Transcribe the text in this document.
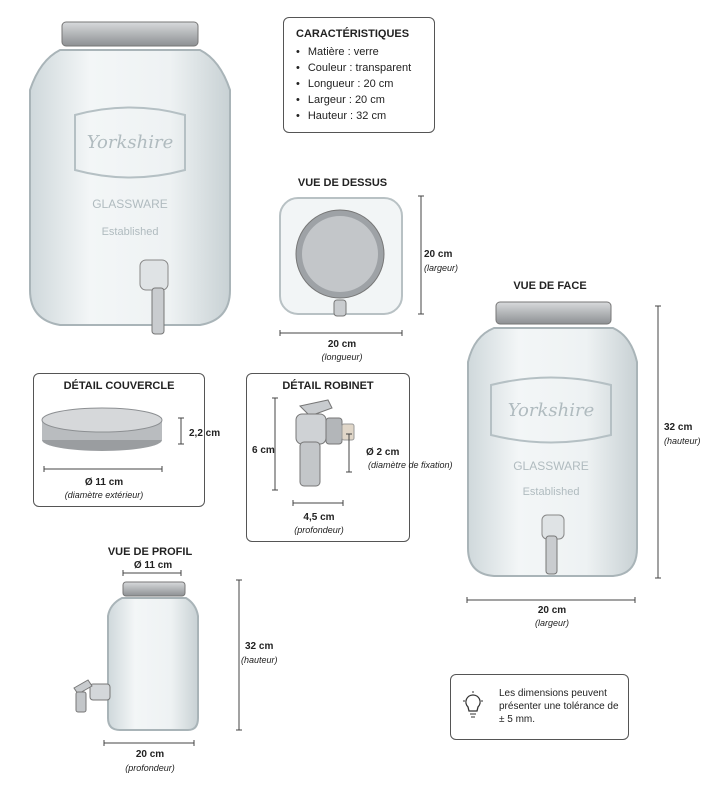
Yorkshire
GLASSWARE
Established
CARACTÉRISTIQUES
• Matière : verre
• Couleur : transparent
• Longueur : 20 cm
• Largeur : 20 cm
• Hauteur : 32 cm
VUE DE DESSUS
20 cm
(largeur)
20 cm
(longueur)
VUE DE FACE
Yorkshire
GLASSWARE
Established
32 cm
(hauteur)
20 cm
(largeur)
DÉTAIL COUVERCLE
2,2 cm
Ø 11 cm
(diamètre extérieur)
DÉTAIL ROBINET
6 cm	Ø 2 cm
(diamètre de fixation)
4,5 cm
(profondeur)
VUE DE PROFIL
Ø 11 cm
32 cm
(hauteur)
20 cm
(profondeur)
Les dimensions peuvent présenter une tolérance de ± 5 mm.
